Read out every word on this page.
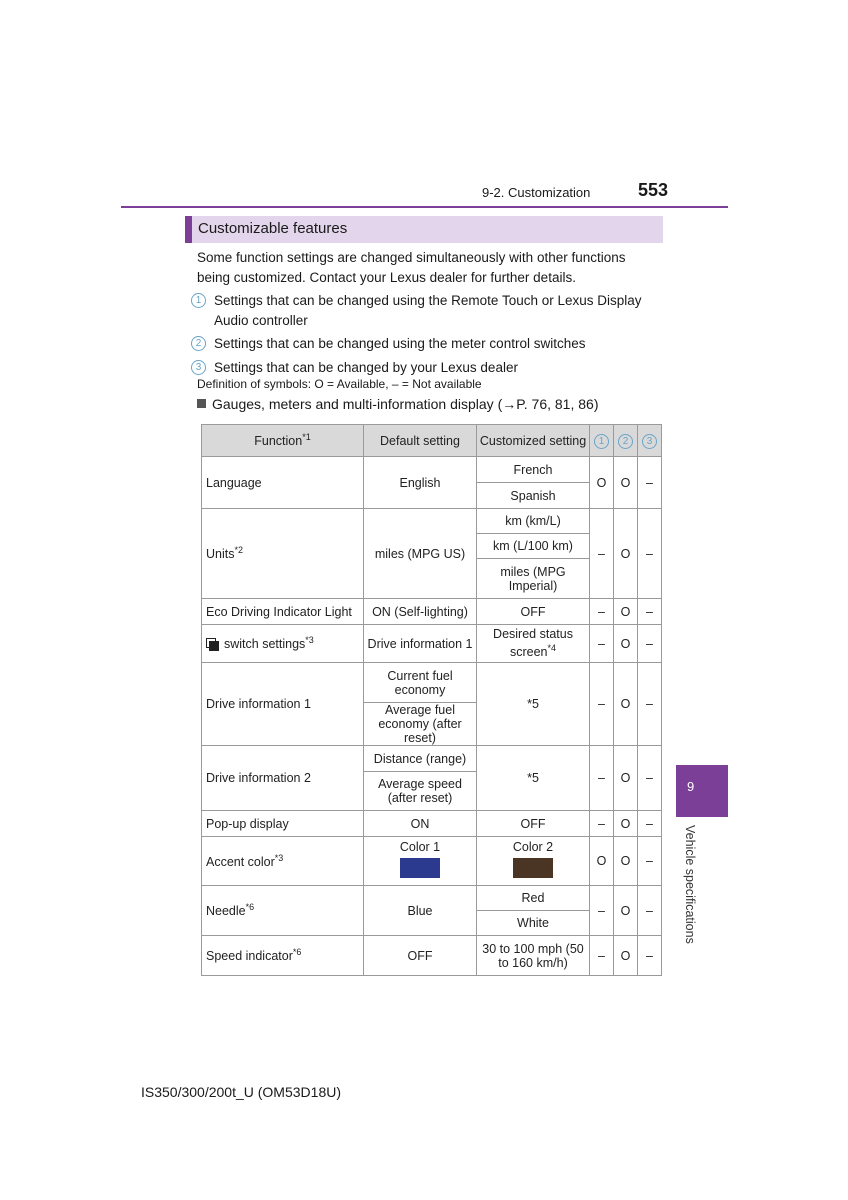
9-2. Customization	553
Customizable features
Some function settings are changed simultaneously with other functions being customized. Contact your Lexus dealer for further details.
1 Settings that can be changed using the Remote Touch or Lexus Display Audio controller
2 Settings that can be changed using the meter control switches
3 Settings that can be changed by your Lexus dealer
Definition of symbols: O = Available, – = Not available
Gauges, meters and multi-information display (→P. 76, 81, 86)
Function$^{*1}$	Default setting	Customized setting	1	2	3
Language	English	French	O	O	–
		Spanish			
Units$^{*2}$	miles (MPG US)	km (km/L)	–	O	–
		km (L/100 km)			
		miles (MPG Imperial)			
Eco Driving Indicator Light	ON (Self-lighting)	OFF	–	O	–

switch settings$^{*3}$	Drive information 1	Desired status screen$^{*4}$	–	O	–
Drive information 1	Current fuel economy	*5	–	O	–
	Average fuel economy (after reset)				
Drive information 2	Distance (range)	*5	–	O	–
	Average speed (after reset)				
Pop-up display	ON	OFF	–	O	–
Accent color$^{*3}$	Color 1	Color 2	O	O	–
Needle$^{*6}$	Blue	Red	–	O	–
		White			
Speed indicator$^{*6}$	OFF	30 to 100 mph (50 to 160 km/h)	–	O	–
9
Vehicle specifications
IS350/300/200t_U (OM53D18U)
